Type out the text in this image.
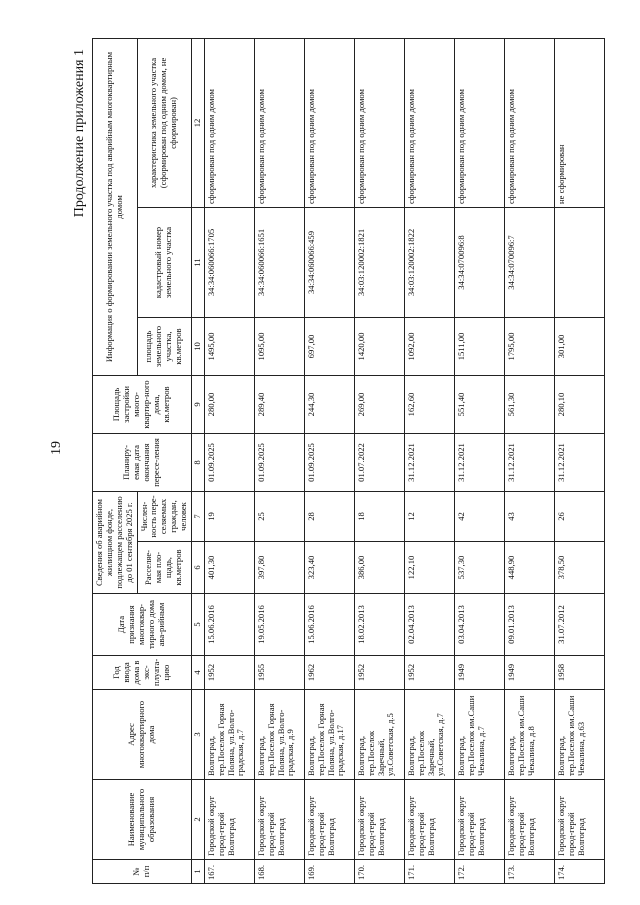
19
Продолжение приложения 1
№ п/п	Наименование муниципального образования	Адрес многоквартирного дома	Год ввода дома в экс-плуата-цию	Дата признания многоквар-тирного дома ава-рийным	Сведения об аварийном жилищном фонде, подлежащем расселению до 01 сентября 2025 г.		Планиру-емая дата окончания пересе-ления	Площадь застройки много-квартир-ного дома, кв.метров	Информация о формировании земельного участка под аварийным многоквартирным домом		
					Расселяе-мая пло-щадь, кв.метров	Числен-ность пере-селяемых граждан, человек			площадь земельного участка, кв.метров	кадастровый номер земельного участка	характеристика земельного участка (сформирован под одним домом, не сформирован)
1	2	3	4	5	6	7	8	9	10	11	12
167.	Городской округ город-герой Волгоград	Волгоград, тер.Поселок Горная Поляна, ул.Волго-градская, д.7	1952	15.06.2016	401,30	19	01.09.2025	280,00	1495,00	34:34:060066:1705	сформирован под одним домом
168.	Городской округ город-герой Волгоград	Волгоград, тер.Поселок Горная Поляна, ул.Волго-градская, д.9	1955	19.05.2016	397,80	25	01.09.2025	289,40	1095,00	34:34:060066:1651	сформирован под одним домом
169.	Городской округ город-герой Волгоград	Волгоград, тер.Поселок Горная Поляна, ул.Волго-градская, д.17	1962	15.06.2016	323,40	28	01.09.2025	244,30	697,00	34:34:060066:459	сформирован под одним домом
170.	Городской округ город-герой Волгоград	Волгоград, тер.Поселок Заречный, ул.Советская, д.5	1952	18.02.2013	386,00	18	01.07.2022	269,00	1420,00	34:03:120002:1821	сформирован под одним домом
171.	Городской округ город-герой Волгоград	Волгоград, тер.Поселок Заречный, ул.Советская, д.7	1952	02.04.2013	122,10	12	31.12.2021	162,60	1092,00	34:03:120002:1822	сформирован под одним домом
172.	Городской округ город-герой Волгоград	Волгоград, тер.Поселок им.Саши Чекалина, д.7	1949	03.04.2013	537,30	42	31.12.2021	551,40	1511,00	34:34:070096:8	сформирован под одним домом
173.	Городской округ город-герой Волгоград	Волгоград, тер.Поселок им.Саши Чекалина, д.8	1949	09.01.2013	448,90	43	31.12.2021	561,30	1795,00	34:34:070096:7	сформирован под одним домом
174.	Городской округ город-герой Волгоград	Волгоград, тер.Поселок им.Саши Чекалина, д.63	1958	31.07.2012	378,50	26	31.12.2021	280,10	301,00		не сформирован
